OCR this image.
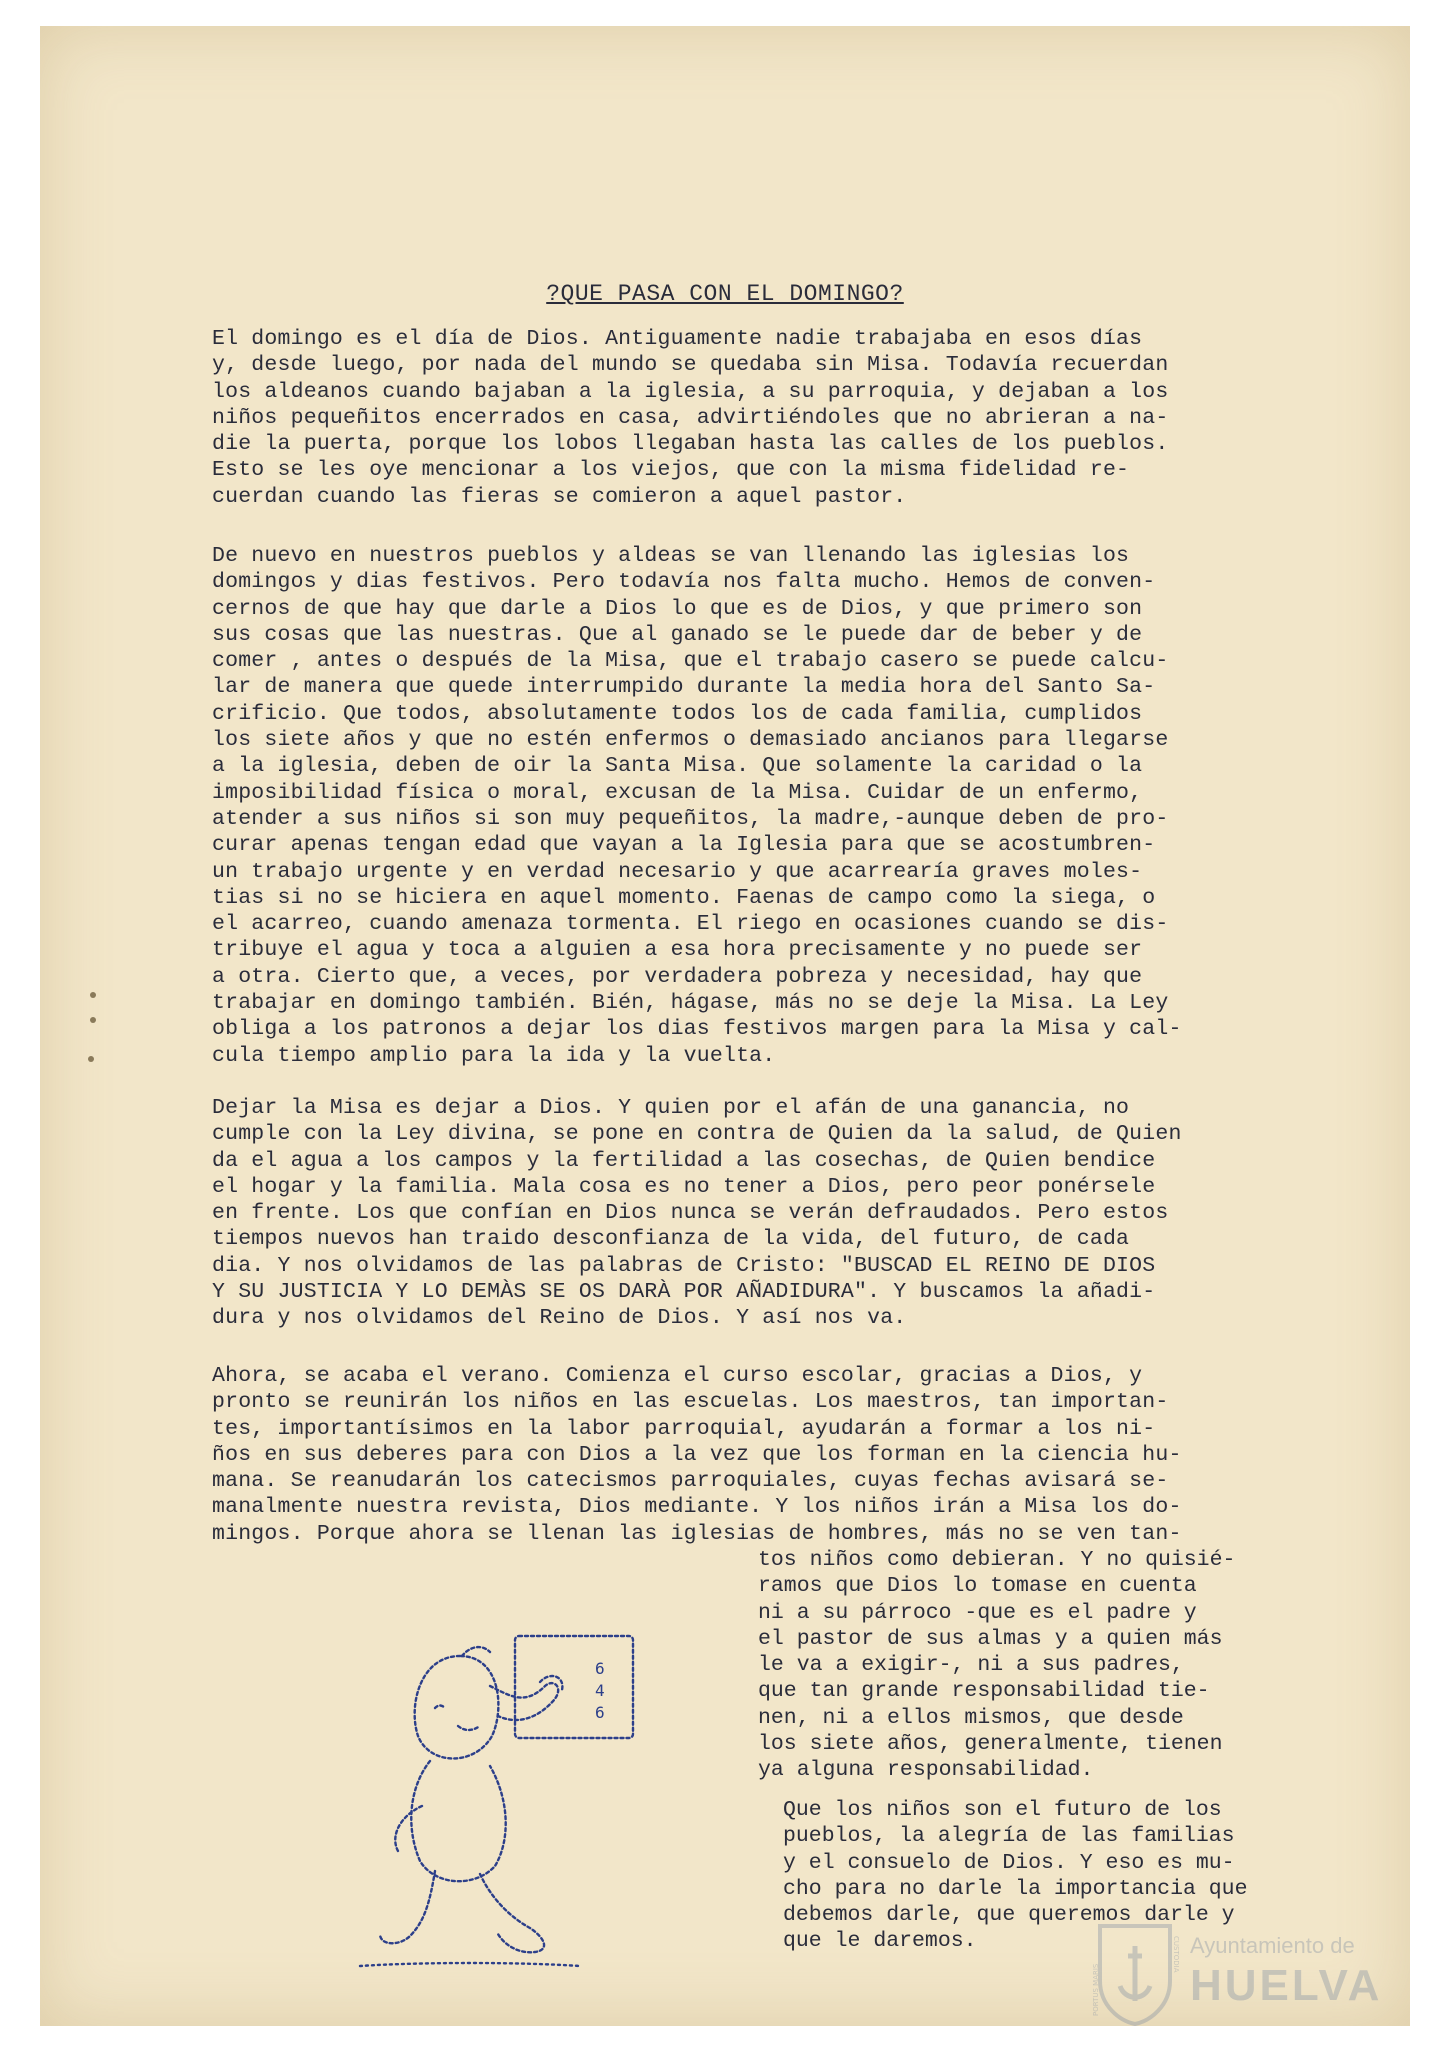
?QUE PASA CON EL DOMINGO?
El domingo es el día de Dios. Antiguamente nadie trabajaba en esos días
y, desde luego, por nada del mundo se quedaba sin Misa. Todavía recuerdan
los aldeanos cuando bajaban a la iglesia, a su parroquia, y dejaban a los
niños pequeñitos encerrados en casa, advirtiéndoles que no abrieran a na-
die la puerta, porque los lobos llegaban hasta las calles de los pueblos.
Esto se les oye mencionar a los viejos, que con la misma fidelidad re-
cuerdan cuando las fieras se comieron a aquel pastor.
De nuevo en nuestros pueblos y aldeas se van llenando las iglesias los
domingos y dias festivos. Pero todavía nos falta mucho. Hemos de conven-
cernos de que hay que darle a Dios lo que es de Dios, y que primero son
sus cosas que las nuestras. Que al ganado se le puede dar de beber y de
comer , antes o después de la Misa, que el trabajo casero se puede calcu-
lar de manera que quede interrumpido durante la media hora del Santo Sa-
crificio. Que todos, absolutamente todos los de cada familia, cumplidos
los siete años y que no estén enfermos o demasiado ancianos para llegarse
a la iglesia, deben de oir la Santa Misa. Que solamente la caridad o la
imposibilidad física o moral, excusan de la Misa. Cuidar de un enfermo,
atender a sus niños si son muy pequeñitos, la madre,-aunque deben de pro-
curar apenas tengan edad que vayan a la Iglesia para que se acostumbren-
un trabajo urgente y en verdad necesario y que acarrearía graves moles-
tias si no se hiciera en aquel momento. Faenas de campo como la siega, o
el acarreo, cuando amenaza tormenta. El riego en ocasiones cuando se dis-
tribuye el agua y toca a alguien a esa hora precisamente y no puede ser
a otra. Cierto que, a veces, por verdadera pobreza y necesidad, hay que
trabajar en domingo también. Bién, hágase, más no se deje la Misa. La Ley
obliga a los patronos a dejar los dias festivos margen para la Misa y cal-
cula tiempo amplio para la ida y la vuelta.
Dejar la Misa es dejar a Dios. Y quien por el afán de una ganancia, no
cumple con la Ley divina, se pone en contra de Quien da la salud, de Quien
da el agua a los campos y la fertilidad a las cosechas, de Quien bendice
el hogar y la familia. Mala cosa es no tener a Dios, pero peor ponérsele
en frente. Los que confían en Dios nunca se verán defraudados. Pero estos
tiempos nuevos han traido desconfianza de la vida, del futuro, de cada
dia. Y nos olvidamos de las palabras de Cristo: "BUSCAD EL REINO DE DIOS
Y SU JUSTICIA Y LO DEMÀS SE OS DARÀ POR AÑADIDURA". Y buscamos la añadi-
dura y nos olvidamos del Reino de Dios. Y así nos va.
Ahora, se acaba el verano. Comienza el curso escolar, gracias a Dios, y
pronto se reunirán los niños en las escuelas. Los maestros, tan importan-
tes, importantísimos en la labor parroquial, ayudarán a formar a los ni-
ños en sus deberes para con Dios a la vez que los forman en la ciencia hu-
mana. Se reanudarán los catecismos parroquiales, cuyas fechas avisará se-
manalmente nuestra revista, Dios mediante. Y los niños irán a Misa los do-
mingos. Porque ahora se llenan las iglesias de hombres, más no se ven tan-
tos niños como debieran. Y no quisié-
ramos que Dios lo tomase en cuenta
ni a su párroco -que es el padre y
el pastor de sus almas y a quien más
le va a exigir-, ni a sus padres,
que tan grande responsabilidad tie-
nen, ni a ellos mismos, que desde
los siete años, generalmente, tienen
ya alguna responsabilidad.
Que los niños son el futuro de los
pueblos, la alegría de las familias
y el consuelo de Dios. Y eso es mu-
cho para no darle la importancia que
debemos darle, que queremos darle y
que le daremos.
6
4
6
PORTUS MARIS
CUSTODIA Ayuntamiento de
HUELVA
